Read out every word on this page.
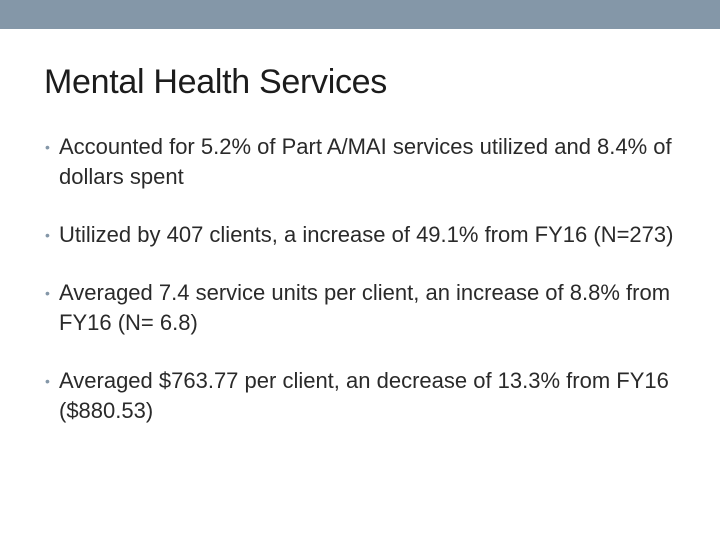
Mental Health Services
• Accounted for 5.2% of Part A/MAI services utilized and 8.4% of dollars spent
• Utilized by 407 clients, a increase of 49.1% from FY16 (N=273)
• Averaged 7.4 service units per client, an increase of 8.8% from FY16 (N= 6.8)
• Averaged $763.77 per client, an decrease of 13.3% from FY16 ($880.53)
